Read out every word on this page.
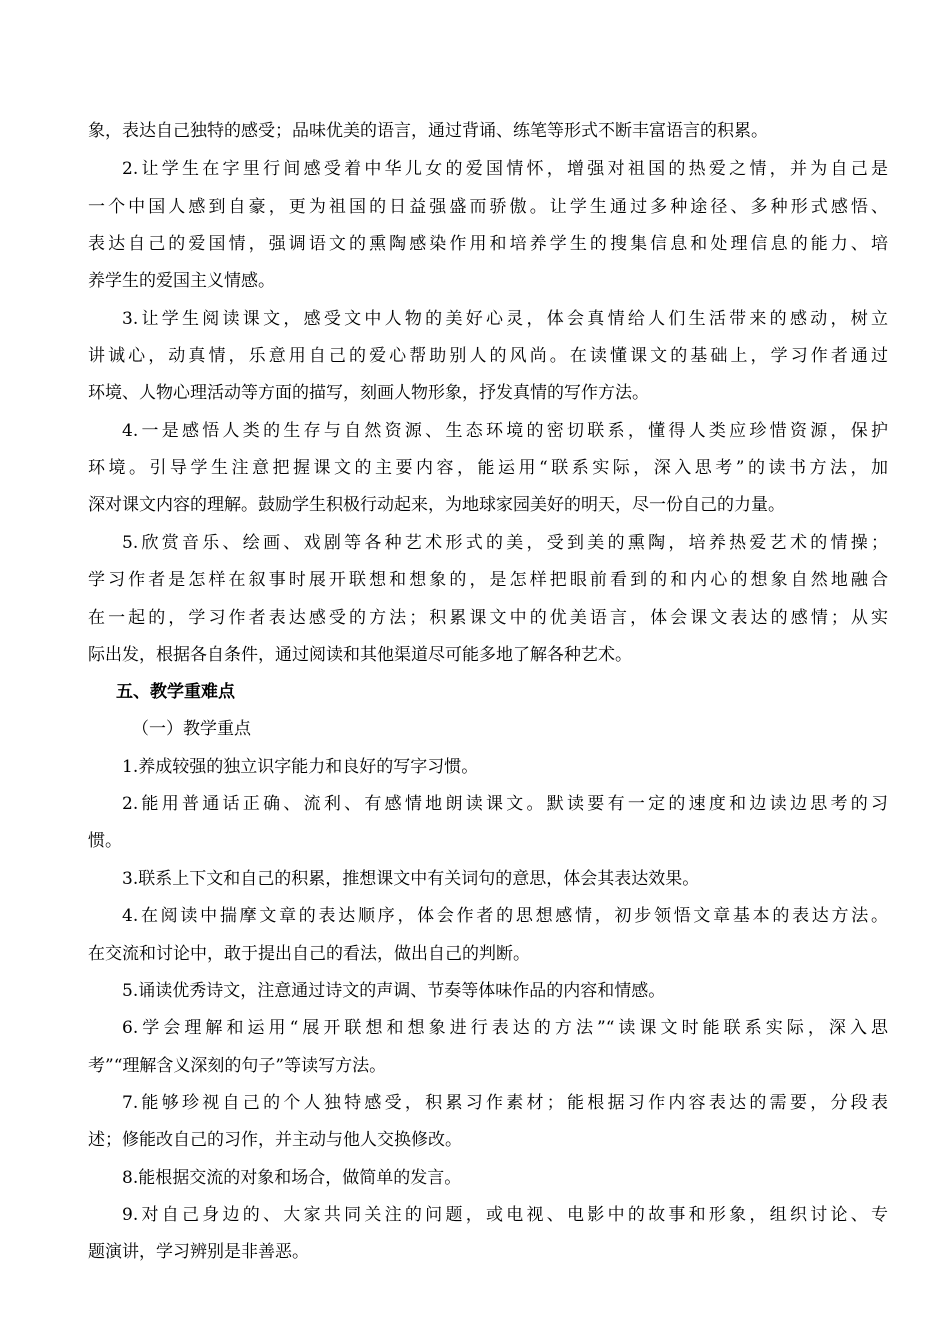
象，表达自己独特的感受；品味优美的语言，通过背诵、练笔等形式不断丰富语言的积累。
2.让学生在字里行间感受着中华儿女的爱国情怀，增强对祖国的热爱之情，并为自己是
一个中国人感到自豪，更为祖国的日益强盛而骄傲。让学生通过多种途径、多种形式感悟、
表达自己的爱国情，强调语文的熏陶感染作用和培养学生的搜集信息和处理信息的能力、培
养学生的爱国主义情感。
3.让学生阅读课文，感受文中人物的美好心灵，体会真情给人们生活带来的感动，树立
讲诚心，动真情，乐意用自己的爱心帮助别人的风尚。在读懂课文的基础上，学习作者通过
环境、人物心理活动等方面的描写，刻画人物形象，抒发真情的写作方法。
4.一是感悟人类的生存与自然资源、生态环境的密切联系，懂得人类应珍惜资源，保护
环境。引导学生注意把握课文的主要内容，能运用“联系实际，深入思考”的读书方法，加
深对课文内容的理解。鼓励学生积极行动起来，为地球家园美好的明天，尽一份自己的力量。
5.欣赏音乐、绘画、戏剧等各种艺术形式的美，受到美的熏陶，培养热爱艺术的情操；
学习作者是怎样在叙事时展开联想和想象的，是怎样把眼前看到的和内心的想象自然地融合
在一起的，学习作者表达感受的方法；积累课文中的优美语言，体会课文表达的感情；从实
际出发，根据各自条件，通过阅读和其他渠道尽可能多地了解各种艺术。
五、教学重难点
（一）教学重点
1.养成较强的独立识字能力和良好的写字习惯。
2.能用普通话正确、流利、有感情地朗读课文。默读要有一定的速度和边读边思考的习
惯。
3.联系上下文和自己的积累，推想课文中有关词句的意思，体会其表达效果。
4.在阅读中揣摩文章的表达顺序，体会作者的思想感情，初步领悟文章基本的表达方法。
在交流和讨论中，敢于提出自己的看法，做出自己的判断。
5.诵读优秀诗文，注意通过诗文的声调、节奏等体味作品的内容和情感。
6.学会理解和运用“展开联想和想象进行表达的方法”“读课文时能联系实际，深入思
考”“理解含义深刻的句子”等读写方法。
7.能够珍视自己的个人独特感受，积累习作素材；能根据习作内容表达的需要，分段表
述；修能改自己的习作，并主动与他人交换修改。
8.能根据交流的对象和场合，做简单的发言。
9.对自己身边的、大家共同关注的问题，或电视、电影中的故事和形象，组织讨论、专
题演讲，学习辨别是非善恶。
